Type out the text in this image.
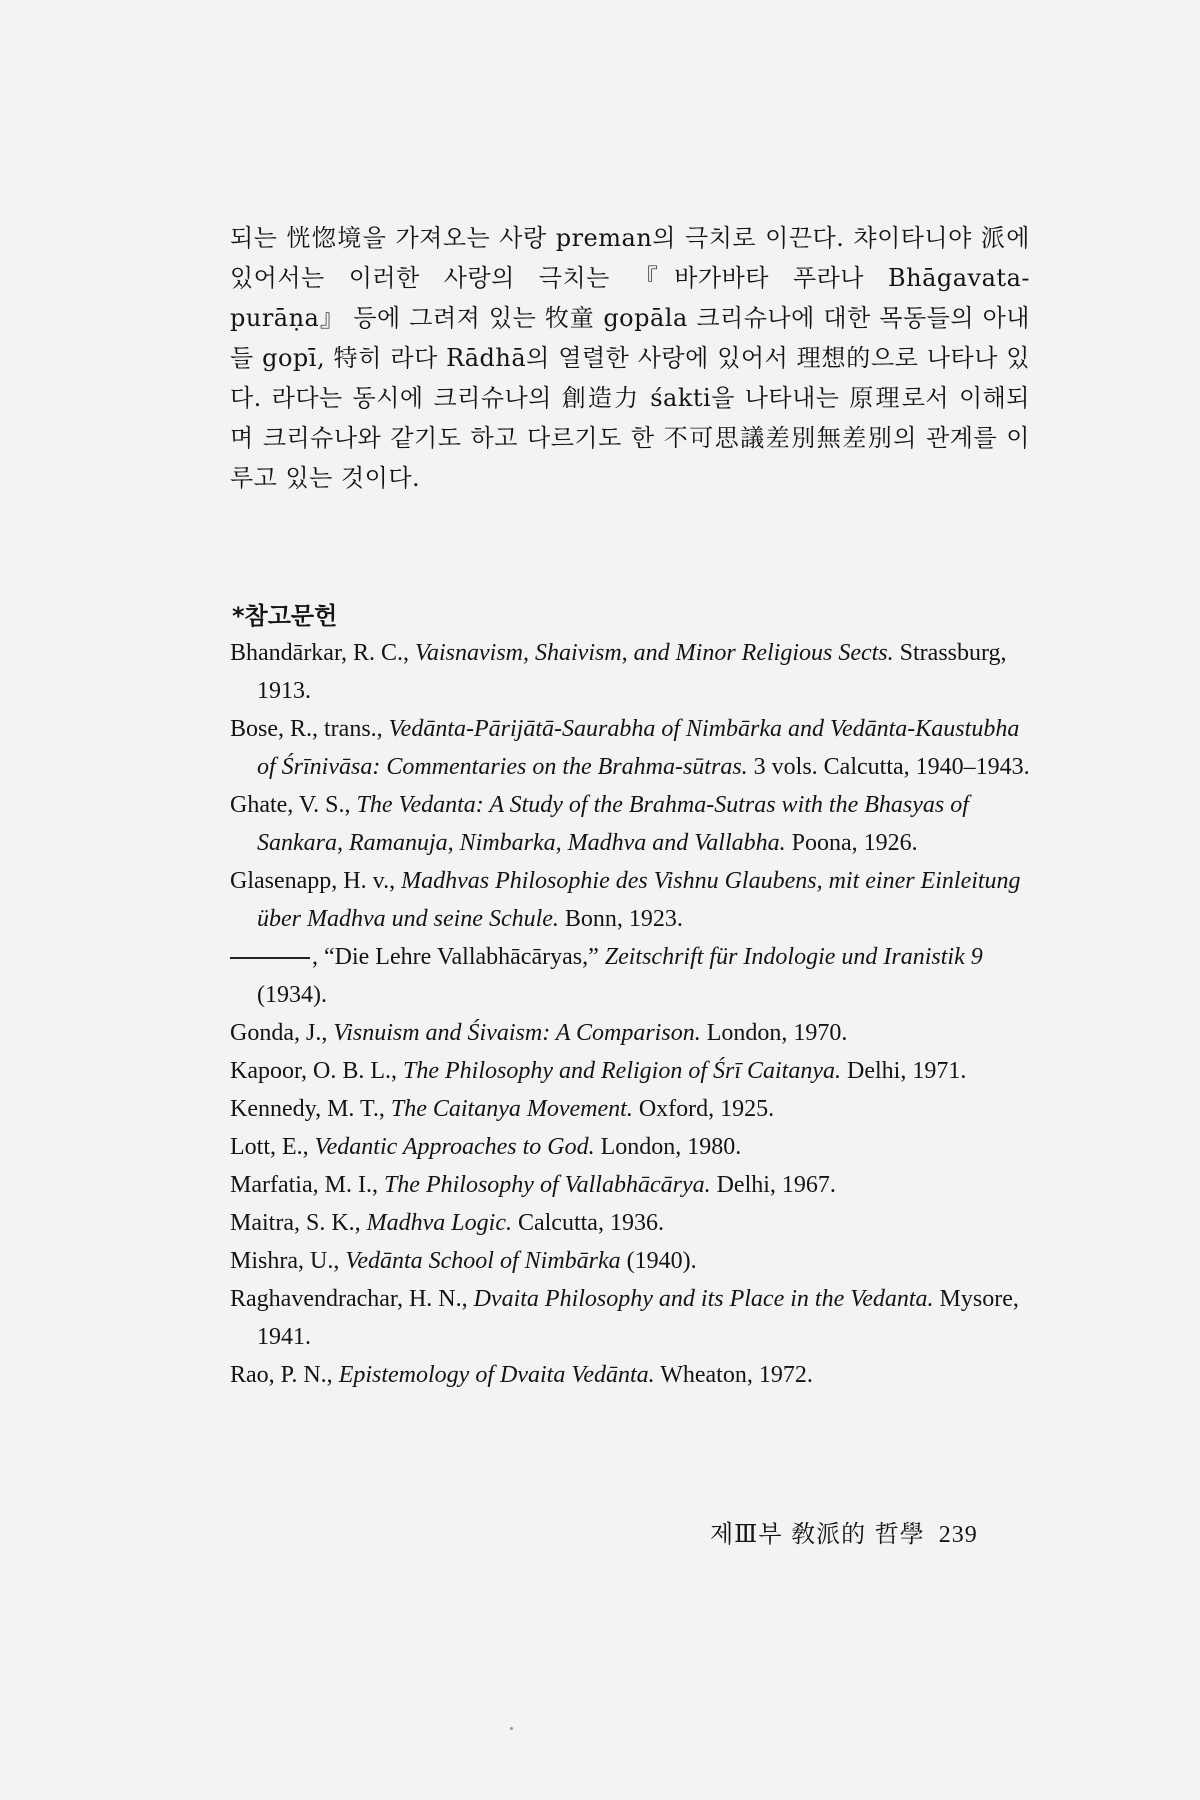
되는 恍惚境을 가져오는 사랑 preman의 극치로 이끈다. 챠이타니야 派에 있어서는 이러한 사랑의 극치는 『바가바타 푸라나 Bhāgavata-purāṇa』 등에 그려져 있는 牧童 gopāla 크리슈나에 대한 목동들의 아내들 gopī, 特히 라다 Rādhā의 열렬한 사랑에 있어서 理想的으로 나타나 있다. 라다는 동시에 크리슈나의 創造力 śakti을 나타내는 原理로서 이해되며 크리슈나와 같기도 하고 다르기도 한 不可思議差別無差別의 관계를 이루고 있는 것이다.

*참고문헌

Bhandārkar, R. C., Vaisnavism, Shaivism, and Minor Religious Sects. Strassburg, 1913.

Bose, R., trans., Vedānta-Pārijātā-Saurabha of Nimbārka and Vedānta-Kaustubha of Śrīnivāsa: Commentaries on the Brahma-sūtras. 3 vols. Calcutta, 1940–1943.

Ghate, V. S., The Vedanta: A Study of the Brahma-Sutras with the Bhasyas of Sankara, Ramanuja, Nimbarka, Madhva and Vallabha. Poona, 1926.

Glasenapp, H. v., Madhvas Philosophie des Vishnu Glaubens, mit einer Einleitung über Madhva und seine Schule. Bonn, 1923.

, “Die Lehre Vallabhācāryas,” Zeitschrift für Indologie und Iranistik 9 (1934).

Gonda, J., Visnuism and Śivaism: A Comparison. London, 1970.

Kapoor, O. B. L., The Philosophy and Religion of Śrī Caitanya. Delhi, 1971.

Kennedy, M. T., The Caitanya Movement. Oxford, 1925.

Lott, E., Vedantic Approaches to God. London, 1980.

Marfatia, M. I., The Philosophy of Vallabhācārya. Delhi, 1967.

Maitra, S. K., Madhva Logic. Calcutta, 1936.

Mishra, U., Vedānta School of Nimbārka (1940).

Raghavendrachar, H. N., Dvaita Philosophy and its Place in the Vedanta. Mysore, 1941.

Rao, P. N., Epistemology of Dvaita Vedānta. Wheaton, 1972.

제Ⅲ부 敎派的 哲學 239
